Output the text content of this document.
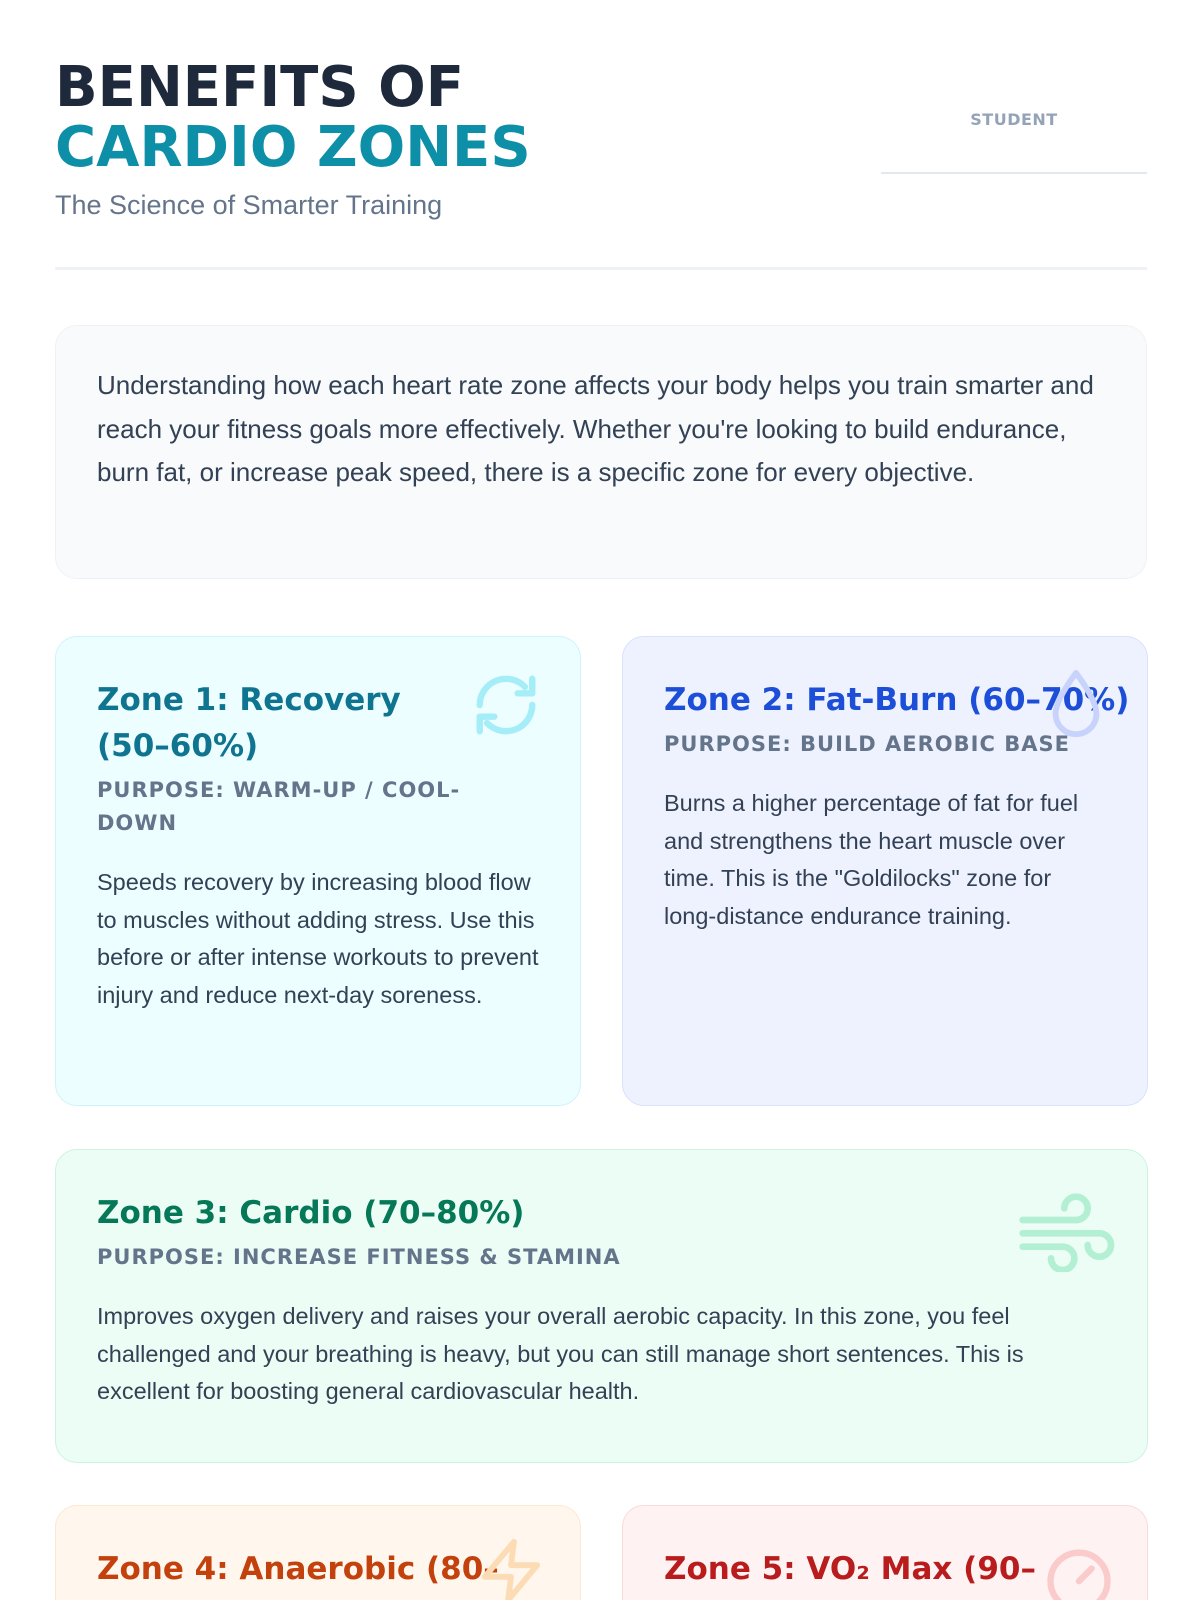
BENEFITS OF
CARDIO ZONES
The Science of Smarter Training
STUDENT

Understanding how each heart rate zone affects your body helps you train smarter and reach your fitness goals more effectively. Whether you're looking to build endurance, burn fat, or increase peak speed, there is a specific zone for every objective.

Zone 1: Recovery (50–60%)
PURPOSE: WARM-UP / COOL-DOWN

Speeds recovery by increasing blood flow to muscles without adding stress. Use this before or after intense workouts to prevent injury and reduce next-day soreness.

Zone 2: Fat-Burn (60–70%)
PURPOSE: BUILD AEROBIC BASE

Burns a higher percentage of fat for fuel and strengthens the heart muscle over time. This is the "Goldilocks" zone for long-distance endurance training.

Zone 3: Cardio (70–80%)
PURPOSE: INCREASE FITNESS & STAMINA

Improves oxygen delivery and raises your overall aerobic capacity. In this zone, you feel challenged and your breathing is heavy, but you can still manage short sentences. This is excellent for boosting general cardiovascular health.

Zone 4: Anaerobic (80–	Zone 5: VO₂ Max (90–
